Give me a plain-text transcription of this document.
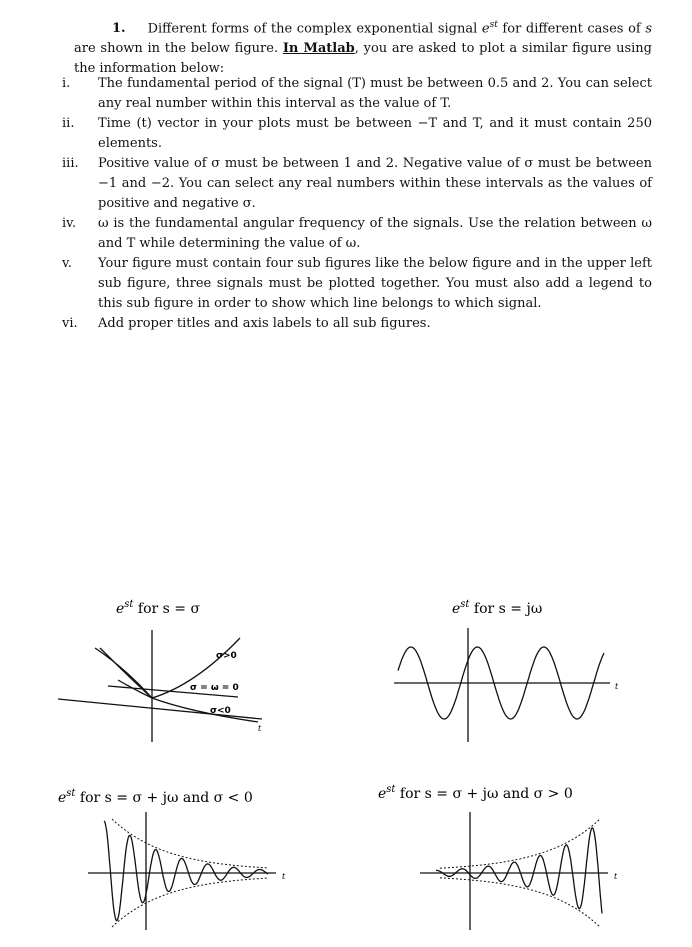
1. Different forms of the complex exponential signal $e^{st}$ for different cases of s are shown in the below figure. In Matlab, you are asked to plot a similar figure using the information below:
i.	The fundamental period of the signal (T) must be between 0.5 and 2. You can select any real number within this interval as the value of T.
ii.	Time (t) vector in your plots must be between −T and T, and it must contain 250 elements.
iii.	Positive value of σ must be between 1 and 2. Negative value of σ must be between −1 and −2. You can select any real numbers within these intervals as the values of positive and negative σ.
iv.	ω is the fundamental angular frequency of the signals. Use the relation between ω and T while determining the value of ω.
v.	Your figure must contain four sub figures like the below figure and in the upper left sub figure, three signals must be plotted together. You must also add a legend to this sub figure in order to show which line belongs to which signal.
vi.	Add proper titles and axis labels to all sub figures.
$e^{st}$ for s = σ	$e^{st}$ for s = jω
$e^{st}$ for s = σ + jω and σ < 0	$e^{st}$ for s = σ + jω and σ > 0
σ>0
σ = ω = 0
σ<0
t
t
t	t
